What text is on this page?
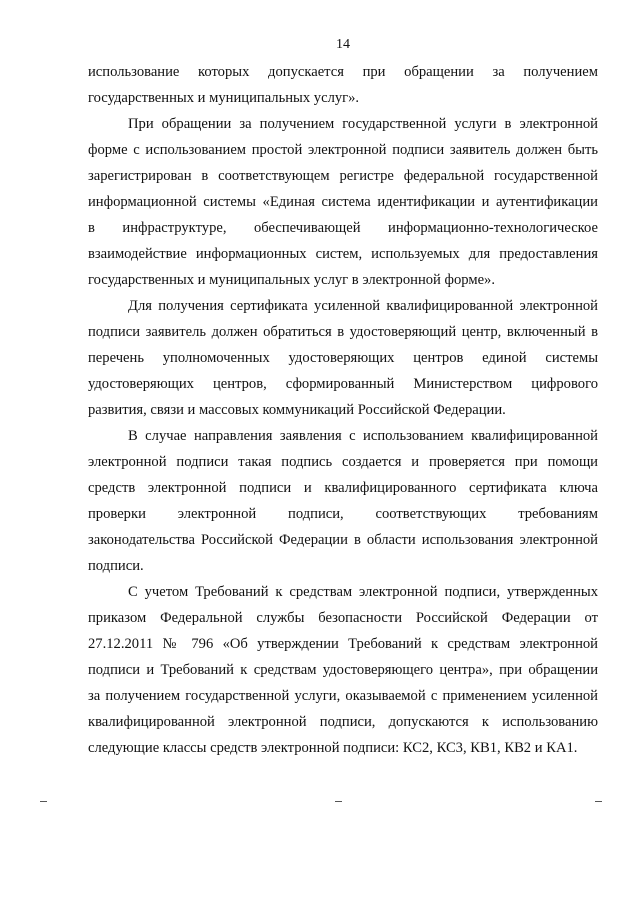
14
использование которых допускается при обращении за получением
государственных и муниципальных услуг».
При обращении за получением государственной услуги в электронной
форме с использованием простой электронной подписи заявитель должен быть
зарегистрирован в соответствующем регистре федеральной государственной
информационной системы «Единая система идентификации и аутентификации
в инфраструктуре, обеспечивающей информационно-технологическое
взаимодействие информационных систем, используемых для предоставления
государственных и муниципальных услуг в электронной форме».
Для получения сертификата усиленной квалифицированной электронной
подписи заявитель должен обратиться в удостоверяющий центр, включенный в
перечень уполномоченных удостоверяющих центров единой системы
удостоверяющих центров, сформированный Министерством цифрового
развития, связи и массовых коммуникаций Российской Федерации.
В случае направления заявления с использованием квалифицированной
электронной подписи такая подпись создается и проверяется при помощи
средств электронной подписи и квалифицированного сертификата ключа
проверки электронной подписи, соответствующих требованиям
законодательства Российской Федерации в области использования электронной
подписи.
С учетом Требований к средствам электронной подписи, утвержденных
приказом Федеральной службы безопасности Российской Федерации от
27.12.2011 № 796 «Об утверждении Требований к средствам электронной
подписи и Требований к средствам удостоверяющего центра», при обращении
за получением государственной услуги, оказываемой с применением усиленной
квалифицированной электронной подписи, допускаются к использованию
следующие классы средств электронной подписи: КС2, КС3, КВ1, КВ2 и КА1.
